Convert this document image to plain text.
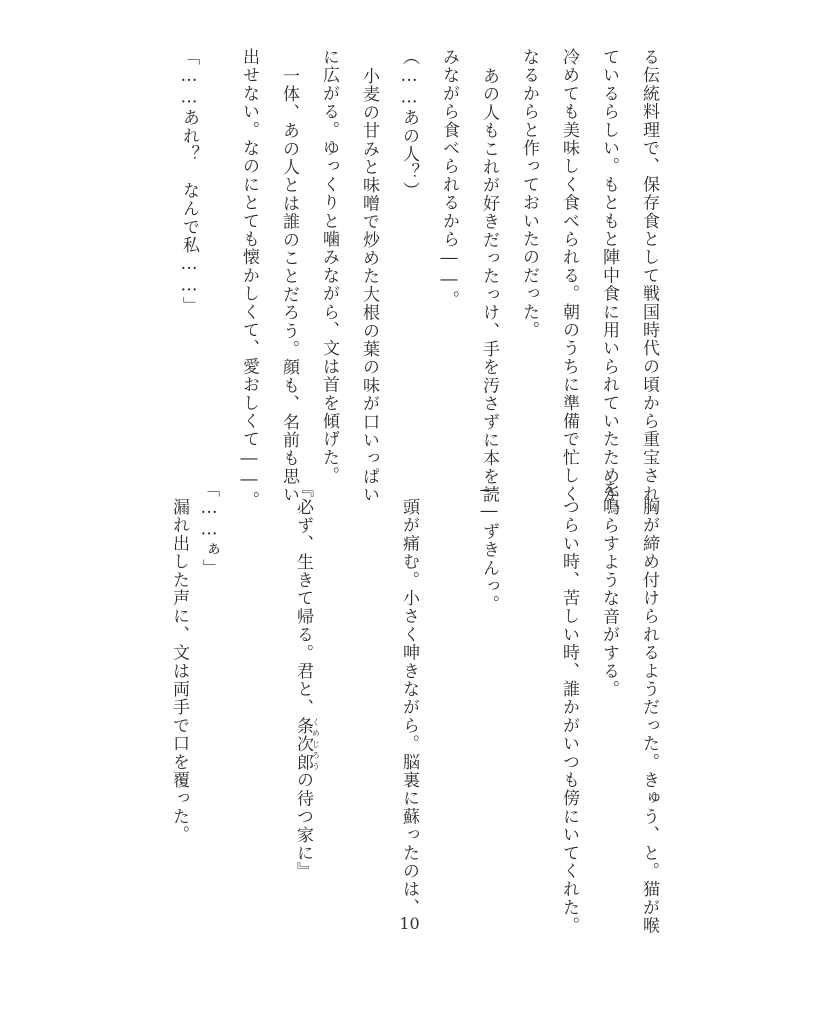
る伝統料理で、保存食として戦国時代の頃から重宝され
ているらしい。もともと陣中食に用いられていたためか、
冷めても美味しく食べられる。朝のうちに準備で忙しく
なるからと作っておいたのだった。
あの人もこれが好きだったっけ、手を汚さずに本を読
みながら食べられるから――。
（……あの人？）
小麦の甘みと味噌で炒めた大根の葉の味が口いっぱい
に広がる。ゆっくりと噛みながら、文は首を傾げた。
一体、あの人とは誰のことだろう。顔も、名前も思い
出せない。なのにとても懐かしくて、愛おしくて――。
「……あれ？　なんで私……」
胸が締め付けられるようだった。きゅう、と。猫が喉
を鳴らすような音がする。
つらい時、苦しい時、誰かがいつも傍にいてくれた。
――ずきんっ。
頭が痛む。小さく呻きながら。脳裏に蘇ったのは、
『必ず、生きて帰る。君と、条次郎くめじろうの待つ家に』
「……ぁ」
漏れ出した声に、文は両手で口を覆った。
10
